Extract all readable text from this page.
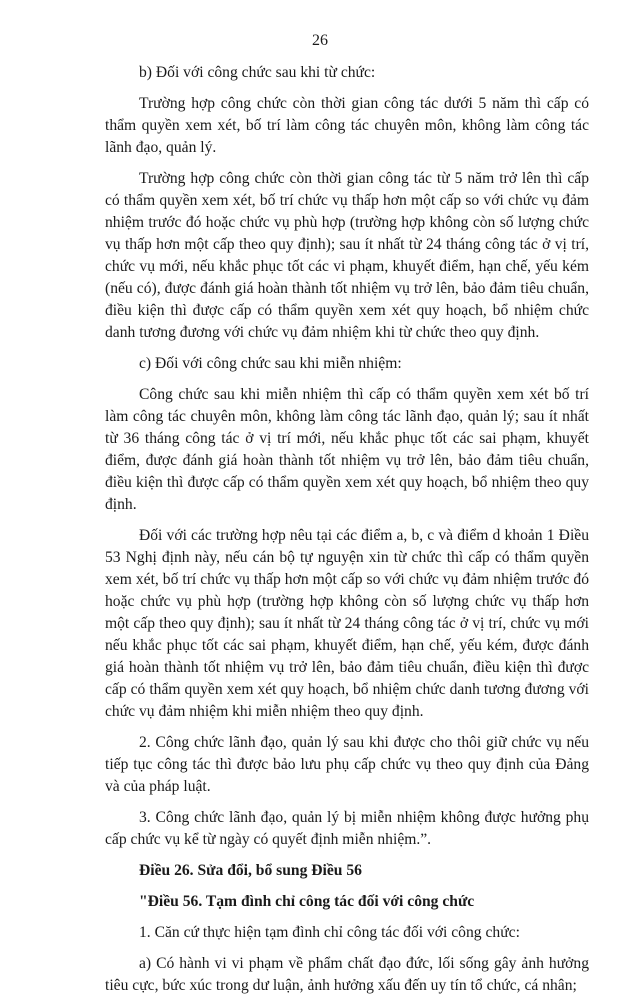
26

b) Đối với công chức sau khi từ chức:

Trường hợp công chức còn thời gian công tác dưới 5 năm thì cấp có thẩm quyền xem xét, bố trí làm công tác chuyên môn, không làm công tác lãnh đạo, quản lý.

Trường hợp công chức còn thời gian công tác từ 5 năm trở lên thì cấp có thẩm quyền xem xét, bố trí chức vụ thấp hơn một cấp so với chức vụ đảm nhiệm trước đó hoặc chức vụ phù hợp (trường hợp không còn số lượng chức vụ thấp hơn một cấp theo quy định); sau ít nhất từ 24 tháng công tác ở vị trí, chức vụ mới, nếu khắc phục tốt các vi phạm, khuyết điểm, hạn chế, yếu kém (nếu có), được đánh giá hoàn thành tốt nhiệm vụ trở lên, bảo đảm tiêu chuẩn, điều kiện thì được cấp có thẩm quyền xem xét quy hoạch, bổ nhiệm chức danh tương đương với chức vụ đảm nhiệm khi từ chức theo quy định.

c) Đối với công chức sau khi miễn nhiệm:

Công chức sau khi miễn nhiệm thì cấp có thẩm quyền xem xét bố trí làm công tác chuyên môn, không làm công tác lãnh đạo, quản lý; sau ít nhất từ 36 tháng công tác ở vị trí mới, nếu khắc phục tốt các sai phạm, khuyết điểm, được đánh giá hoàn thành tốt nhiệm vụ trở lên, bảo đảm tiêu chuẩn, điều kiện thì được cấp có thẩm quyền xem xét quy hoạch, bổ nhiệm theo quy định.

Đối với các trường hợp nêu tại các điểm a, b, c và điểm d khoản 1 Điều 53 Nghị định này, nếu cán bộ tự nguyện xin từ chức thì cấp có thẩm quyền xem xét, bố trí chức vụ thấp hơn một cấp so với chức vụ đảm nhiệm trước đó hoặc chức vụ phù hợp (trường hợp không còn số lượng chức vụ thấp hơn một cấp theo quy định); sau ít nhất từ 24 tháng công tác ở vị trí, chức vụ mới nếu khắc phục tốt các sai phạm, khuyết điểm, hạn chế, yếu kém, được đánh giá hoàn thành tốt nhiệm vụ trở lên, bảo đảm tiêu chuẩn, điều kiện thì được cấp có thẩm quyền xem xét quy hoạch, bổ nhiệm chức danh tương đương với chức vụ đảm nhiệm khi miễn nhiệm theo quy định.

2. Công chức lãnh đạo, quản lý sau khi được cho thôi giữ chức vụ nếu tiếp tục công tác thì được bảo lưu phụ cấp chức vụ theo quy định của Đảng và của pháp luật.

3. Công chức lãnh đạo, quản lý bị miễn nhiệm không được hưởng phụ cấp chức vụ kể từ ngày có quyết định miễn nhiệm.”.

Điều 26. Sửa đổi, bổ sung Điều 56

"Điều 56. Tạm đình chỉ công tác đối với công chức

1. Căn cứ thực hiện tạm đình chỉ công tác đối với công chức:

a) Có hành vi vi phạm về phẩm chất đạo đức, lối sống gây ảnh hưởng tiêu cực, bức xúc trong dư luận, ảnh hưởng xấu đến uy tín tổ chức, cá nhân;
